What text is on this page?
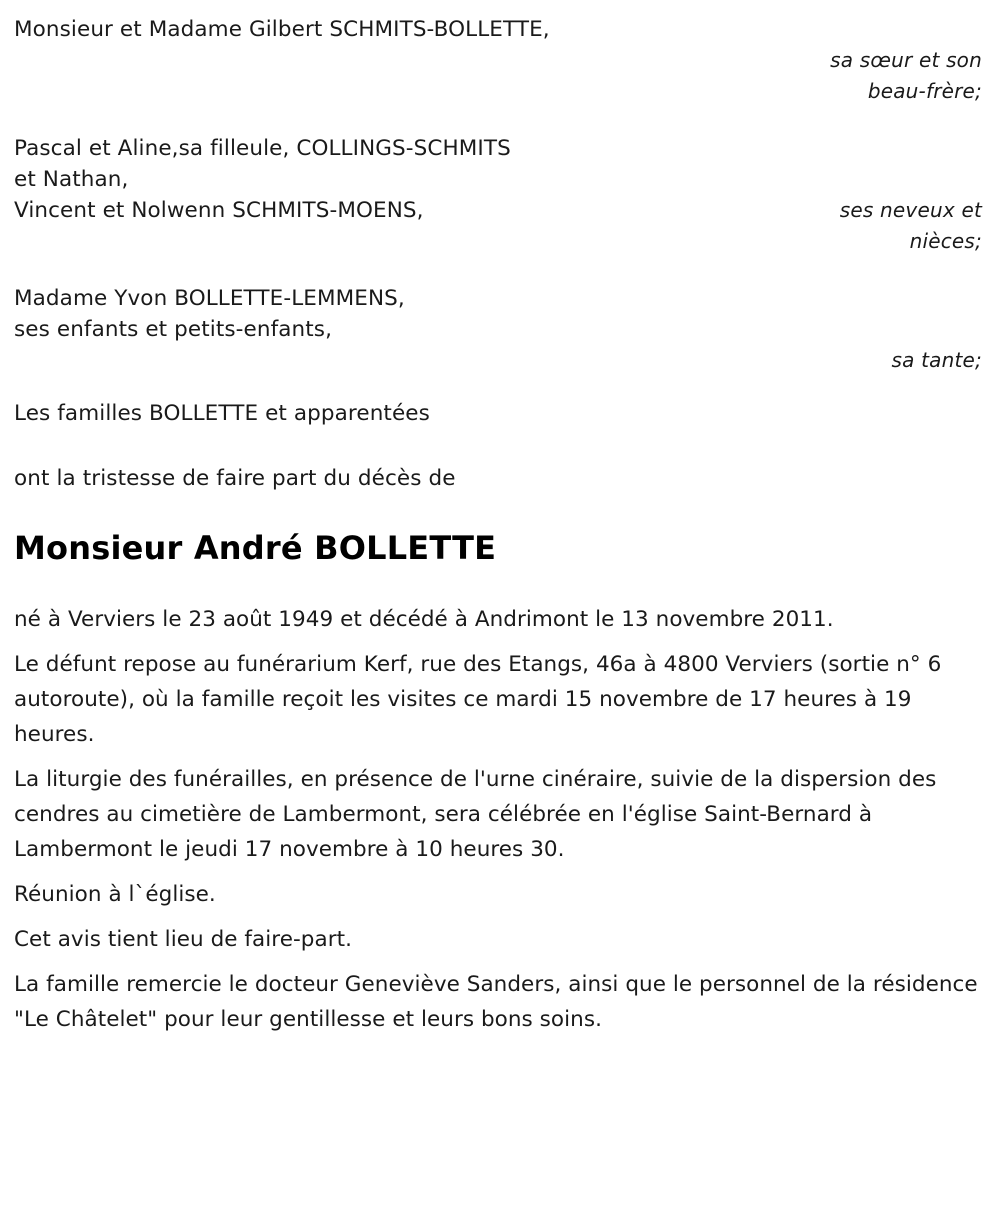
Monsieur et Madame Gilbert SCHMITS-BOLLETTE,
sa sœur et son
beau-frère;
Pascal et Aline,sa filleule, COLLINGS-SCHMITS
et Nathan,
Vincent et Nolwenn SCHMITS-MOENS,	ses neveux et
nièces;
Madame Yvon BOLLETTE-LEMMENS,
ses enfants et petits-enfants,
sa tante;
Les familles BOLLETTE et apparentées
ont la tristesse de faire part du décès de
Monsieur André BOLLETTE

né à Verviers le 23 août 1949 et décédé à Andrimont le 13 novembre 2011.

Le défunt repose au funérarium Kerf, rue des Etangs, 46a à 4800 Verviers (sortie n° 6 autoroute), où la famille reçoit les visites ce mardi 15 novembre de 17 heures à 19 heures.

La liturgie des funérailles, en présence de l'urne cinéraire, suivie de la dispersion des cendres au cimetière de Lambermont, sera célébrée en l'église Saint-Bernard à Lambermont le jeudi 17 novembre à 10 heures 30.

Réunion à l`église.

Cet avis tient lieu de faire-part.

La famille remercie le docteur Geneviève Sanders, ainsi que le personnel de la résidence "Le Châtelet" pour leur gentillesse et leurs bons soins.
